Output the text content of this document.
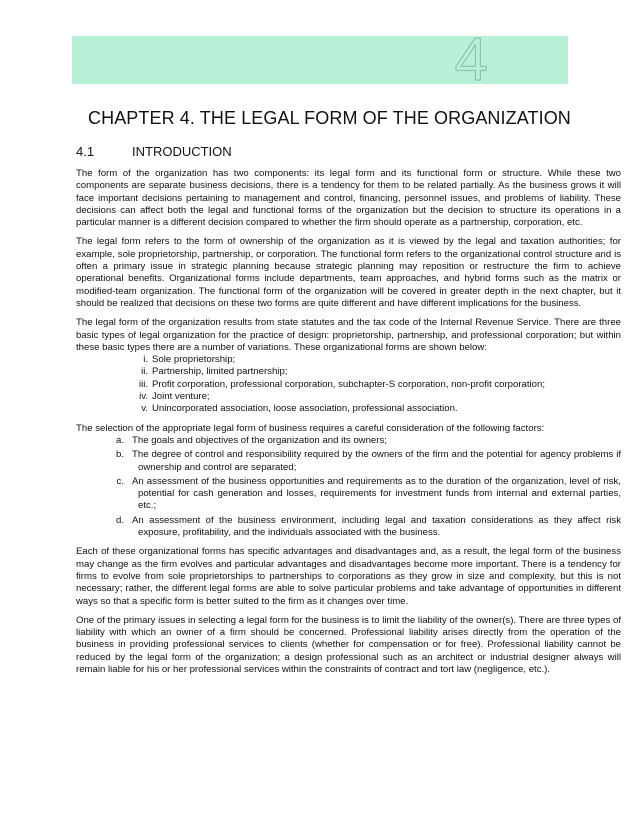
4
CHAPTER 4. THE LEGAL FORM OF THE ORGANIZATION
4.1	INTRODUCTION

The form of the organization has two components: its legal form and its functional form or structure. While these two components are separate business decisions, there is a tendency for them to be related partially. As the business grows it will face important decisions pertaining to management and control, financing, personnel issues, and problems of liability. These decisions can affect both the legal and functional forms of the organization but the decision to structure its operations in a particular manner is a different decision compared to whether the firm should operate as a partnership, corporation, etc.

The legal form refers to the form of ownership of the organization as it is viewed by the legal and taxation authorities; for example, sole proprietorship, partnership, or corporation. The functional form refers to the organizational control structure and is often a primary issue in strategic planning because strategic planning may reposition or restructure the firm to achieve operational benefits. Organizational forms include departments, team approaches, and hybrid forms such as the matrix or modified-team organization. The functional form of the organization will be covered in greater depth in the next chapter, but it should be realized that decisions on these two forms are quite different and have different implications for the business.

The legal form of the organization results from state statutes and the tax code of the Internal Revenue Service. There are three basic types of legal organization for the practice of design: proprietorship, partnership, and professional corporation; but within these basic types there are a number of variations. These organizational forms are shown below:

i. Sole proprietorship;
ii. Partnership, limited partnership;
iii. Profit corporation, professional corporation, subchapter-S corporation, non-profit corporation;
iv. Joint venture;
v. Unincorporated association, loose association, professional association.

The selection of the appropriate legal form of business requires a careful consideration of the following factors:

a. The goals and objectives of the organization and its owners;
b. The degree of control and responsibility required by the owners of the firm and the potential for agency problems if ownership and control are separated;
c. An assessment of the business opportunities and requirements as to the duration of the organization, level of risk, potential for cash generation and losses, requirements for investment funds from internal and external parties, etc.;
d. An assessment of the business environment, including legal and taxation considerations as they affect risk exposure, profitability, and the individuals associated with the business.

Each of these organizational forms has specific advantages and disadvantages and, as a result, the legal form of the business may change as the firm evolves and particular advantages and disadvantages become more important. There is a tendency for firms to evolve from sole proprietorships to partnerships to corporations as they grow in size and complexity, but this is not necessary; rather, the different legal forms are able to solve particular problems and take advantage of opportunities in different ways so that a specific form is better suited to the firm as it changes over time.

One of the primary issues in selecting a legal form for the business is to limit the liability of the owner(s). There are three types of liability with which an owner of a firm should be concerned. Professional liability arises directly from the operation of the business in providing professional services to clients (whether for compensation or for free). Professional liability cannot be reduced by the legal form of the organization; a design professional such as an architect or industrial designer always will remain liable for his or her professional services within the constraints of contract and tort law (negligence, etc.).
